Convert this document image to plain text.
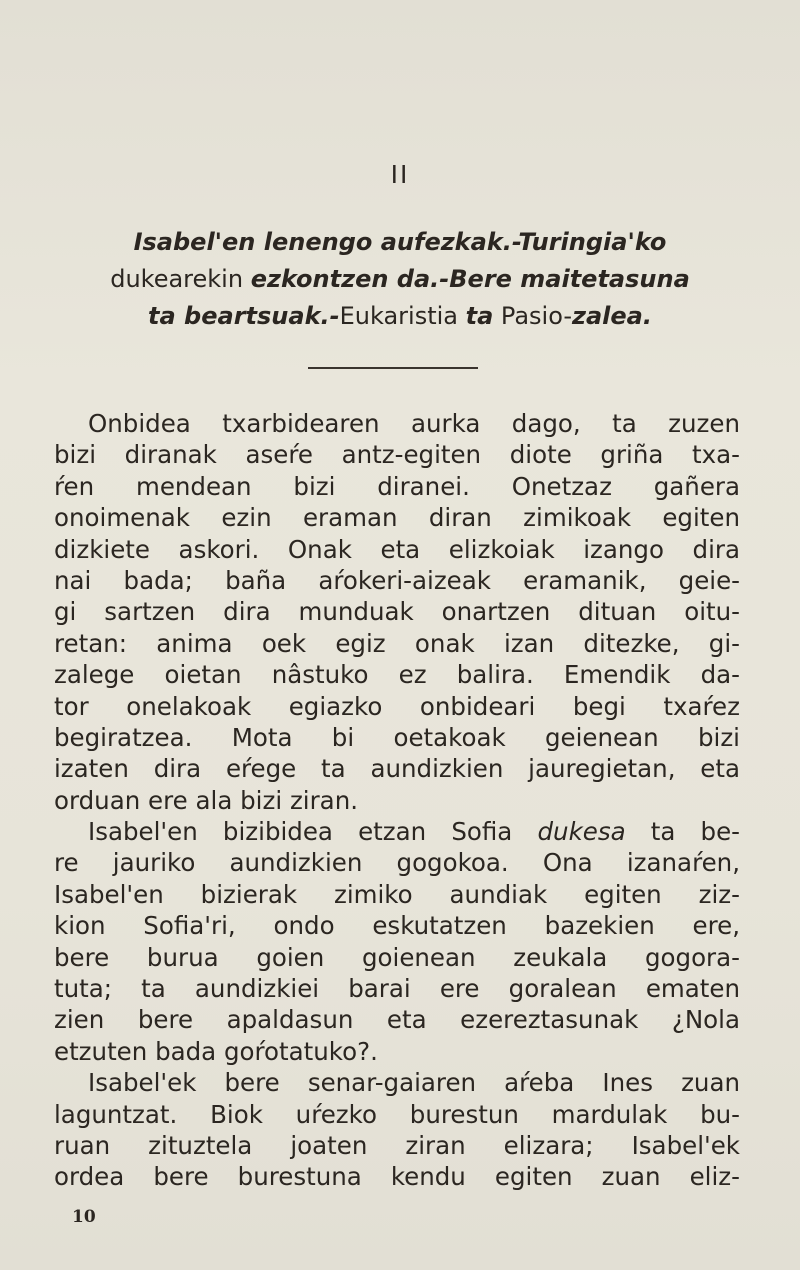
II

Isabel'en lenengo aufezkak.-Turingia'ko

dukearekin ezkontzen da.-Bere maitetasuna

ta beartsuak.-Eukaristia ta Pasio-zalea.

Onbidea txarbidearen aurka dago, ta zuzen
bizi diranak aseŕe antz-egiten diote griña txa-
ŕen mendean bizi diranei. Onetzaz gañera
onoimenak ezin eraman diran zimikoak egiten
dizkiete askori. Onak eta elizkoiak izango dira
nai bada; baña aŕokeri-aizeak eramanik, geie-
gi sartzen dira munduak onartzen dituan oitu-
retan: anima oek egiz onak izan ditezke, gi-
zalege oietan nâstuko ez balira. Emendik da-
tor onelakoak egiazko onbideari begi txaŕez
begiratzea. Mota bi oetakoak geienean bizi
izaten dira eŕege ta aundizkien jauregietan, eta
orduan ere ala bizi ziran.
Isabel'en bizibidea etzan Sofia dukesa ta be-
re jauriko aundizkien gogokoa. Ona izanaŕen,
Isabel'en bizierak zimiko aundiak egiten ziz-
kion Sofia'ri, ondo eskutatzen bazekien ere,
bere burua goien goienean zeukala gogora-
tuta; ta aundizkiei barai ere goralean ematen
zien bere apaldasun eta ezereztasunak ¿Nola
etzuten bada goŕotatuko?.
Isabel'ek bere senar-gaiaren aŕeba Ines zuan
laguntzat. Biok uŕezko burestun mardulak bu-
ruan zituztela joaten ziran elizara; Isabel'ek
ordea bere burestuna kendu egiten zuan eliz-
10
